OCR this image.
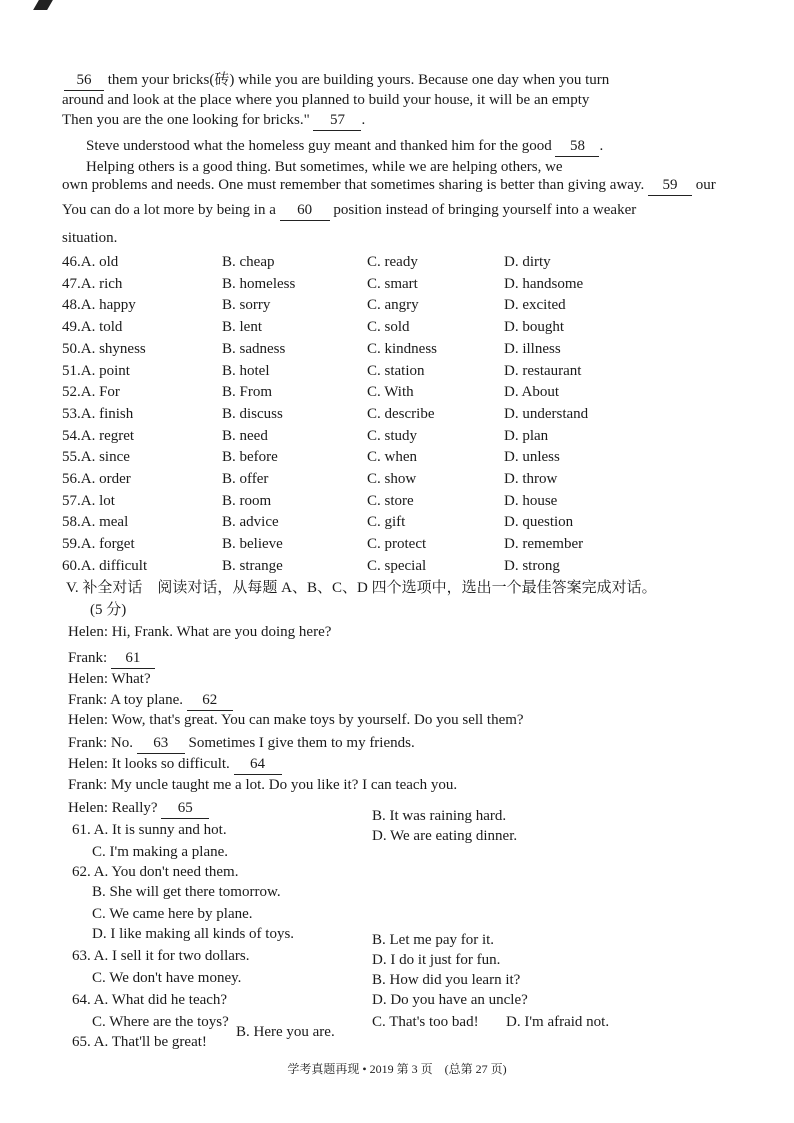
56 them your bricks(砖) while you are building yours. Because one day when you turn
around and look at the place where you planned to build your house, it will be an empty
Then you are the one looking for bricks." 57 .
Steve understood what the homeless guy meant and thanked him for the good 58 .
Helping others is a good thing. But sometimes, while we are helping others, we
own problems and needs. One must remember that sometimes sharing is better than giving away. 59 our
You can do a lot more by being in a 60 position instead of bringing yourself into a weaker
situation.
46.A. old	B. cheap	C. ready	D. dirty
47.A. rich	B. homeless	C. smart	D. handsome
48.A. happy	B. sorry	C. angry	D. excited
49.A. told	B. lent	C. sold	D. bought
50.A. shyness	B. sadness	C. kindness	D. illness
51.A. point	B. hotel	C. station	D. restaurant
52.A. For	B. From	C. With	D. About
53.A. finish	B. discuss	C. describe	D. understand
54.A. regret	B. need	C. study	D. plan
55.A. since	B. before	C. when	D. unless
56.A. order	B. offer	C. show	D. throw
57.A. lot	B. room	C. store	D. house
58.A. meal	B. advice	C. gift	D. question
59.A. forget	B. believe	C. protect	D. remember
60.A. difficult	B. strange	C. special	D. strong
V. 补全对话　阅读对话，从每题 A、B、C、D 四个选项中，选出一个最佳答案完成对话。
(5 分)
Helen: Hi, Frank. What are you doing here?
Frank: 61
Helen: What?
Frank: A toy plane. 62
Helen: Wow, that's great. You can make toys by yourself. Do you sell them?
Frank: No. 63 Sometimes I give them to my friends.
Helen: It looks so difficult. 64
Frank: My uncle taught me a lot. Do you like it? I can teach you.
Helen: Really? 65
61. A. It is sunny and hot.
B. It was raining hard.
C. I'm making a plane.
D. We are eating dinner.
62. A. You don't need them.
B. She will get there tomorrow.
C. We came here by plane.
D. I like making all kinds of toys.
63. A. I sell it for two dollars.
B. Let me pay for it.
C. We don't have money.
D. I do it just for fun.
64. A. What did he teach?
B. How did you learn it?
C. Where are the toys?
D. Do you have an uncle?
65. A. That'll be great!
B. Here you are.
C. That's too bad! D. I'm afraid not.
学考真题再现 • 2019 第 3 页　(总第 27 页)
